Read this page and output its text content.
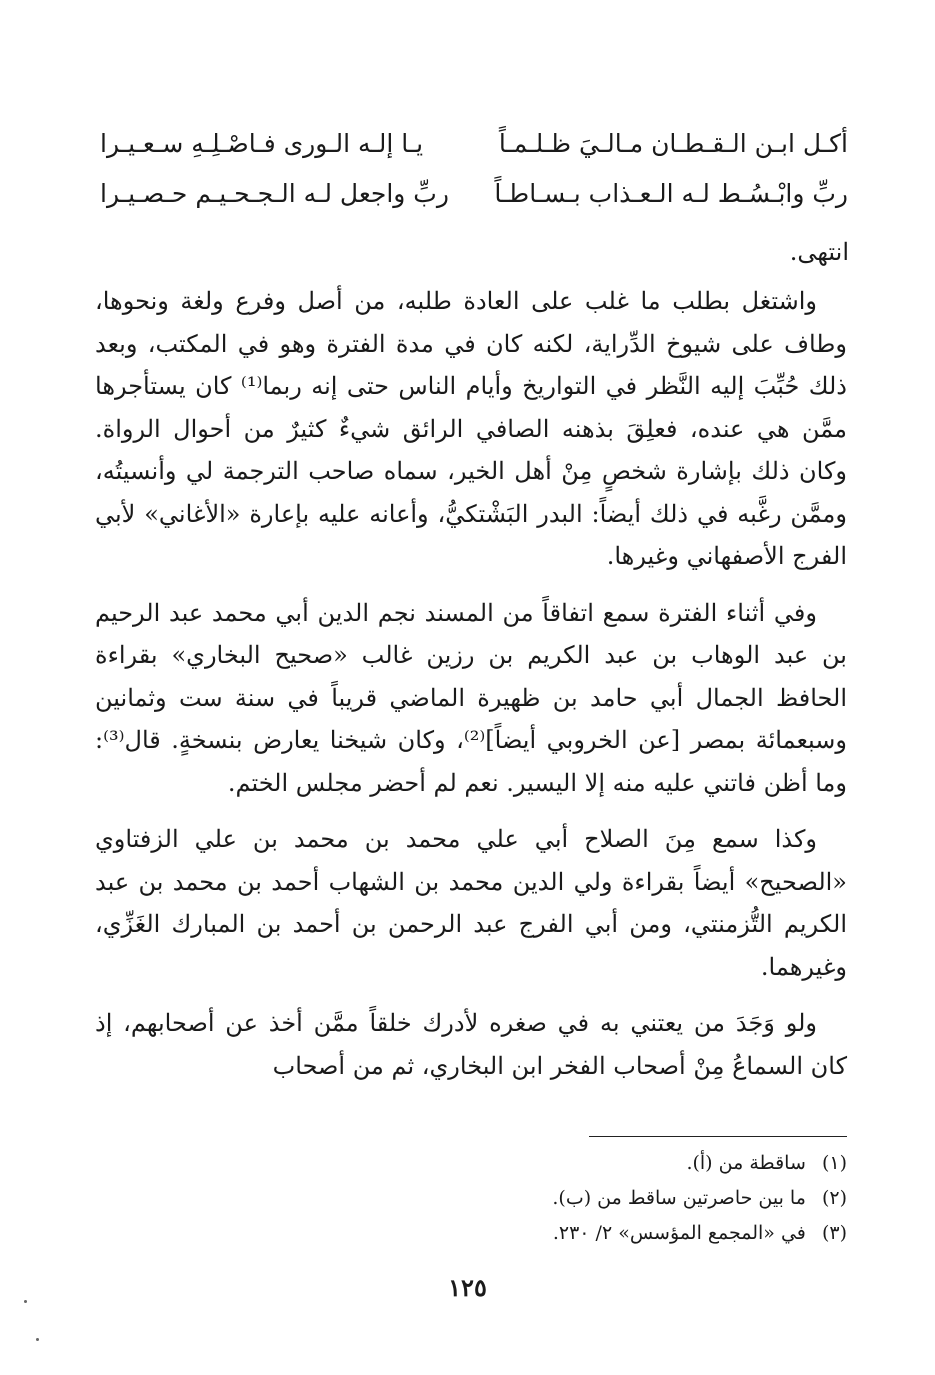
أكـل ابـن الـقـطـان مـالـيَ ظـلـمـاً
يـا إلـه الـورى فـاصْـلِـهِ سـعـيـرا
ربِّ وابْـسُـط لـه الـعـذاب بـسـاطـاً
ربِّ واجعل لـه الـجـحـيـم حـصـيـرا
انتهى.

واشتغل بطلب ما غلب على العادة طلبه، من أصل وفرع ولغة ونحوها، وطاف على شيوخ الدِّراية، لكنه كان في مدة الفترة وهو في المكتب، وبعد ذلك حُبِّبَ إليه النَّظر في التواريخ وأيام الناس حتى إنه ربما⁽¹⁾ كان يستأجرها ممَّن هي عنده، فعلِقَ بذهنه الصافي الرائق شيءٌ كثيرٌ من أحوال الرواة. وكان ذلك بإشارة شخصٍ مِنْ أهل الخير، سماه صاحب الترجمة لي وأنسيتُه، وممَّن رغَّبه في ذلك أيضاً: البدر البَشْتكيُّ، وأعانه عليه بإعارة «الأغاني» لأبي الفرج الأصفهاني وغيرها.

وفي أثناء الفترة سمع اتفاقاً من المسند نجم الدين أبي محمد عبد الرحيم بن عبد الوهاب بن عبد الكريم بن رزين غالب «صحيح البخاري» بقراءة الحافظ الجمال أبي حامد بن ظهيرة الماضي قريباً في سنة ست وثمانين وسبعمائة بمصر [عن الخروبي أيضاً]⁽²⁾، وكان شيخنا يعارض بنسخةٍ. قال⁽³⁾: وما أظن فاتني عليه منه إلا اليسير. نعم لم أحضر مجلس الختم.

وكذا سمع مِنَ الصلاح أبي علي محمد بن محمد بن علي الزفتاوي «الصحيح» أيضاً بقراءة ولي الدين محمد بن الشهاب أحمد بن محمد بن عبد الكريم التُّزمنتي، ومن أبي الفرج عبد الرحمن بن أحمد بن المبارك الغَزِّي، وغيرهما.

ولو وَجَدَ من يعتني به في صغره لأدرك خلقاً ممَّن أخذ عن أصحابهم، إذ كان السماعُ مِنْ أصحاب الفخر ابن البخاري، ثم من أصحاب

(١) ساقطة من (أ).
(٢) ما بين حاصرتين ساقط من (ب).
(٣) في «المجمع المؤسس» ٢/ ٢٣٠.
١٢٥
